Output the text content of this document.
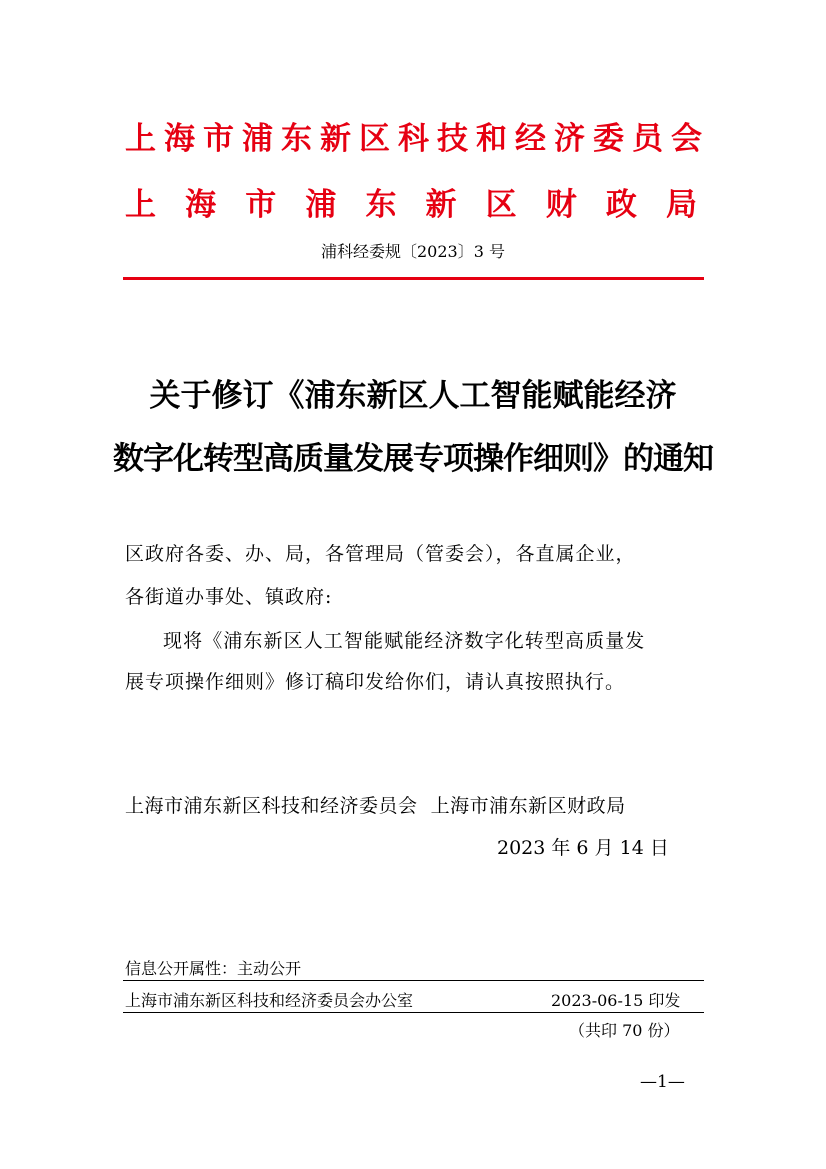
上海市浦东新区科技和经济委员会
上 海 市 浦 东 新 区 财 政 局
浦科经委规〔2023〕3 号
关于修订《浦东新区人工智能赋能经济
数字化转型高质量发展专项操作细则》的通知
区政府各委、办、局，各管理局（管委会），各直属企业，
各街道办事处、镇政府:
现将《浦东新区人工智能赋能经济数字化转型高质量发
展专项操作细则》修订稿印发给你们，请认真按照执行。
上海市浦东新区科技和经济委员会  上海市浦东新区财政局
2023 年 6 月 14 日
信息公开属性：主动公开
上海市浦东新区科技和经济委员会办公室	2023-06-15 印发
（共印 70 份）
—1—
